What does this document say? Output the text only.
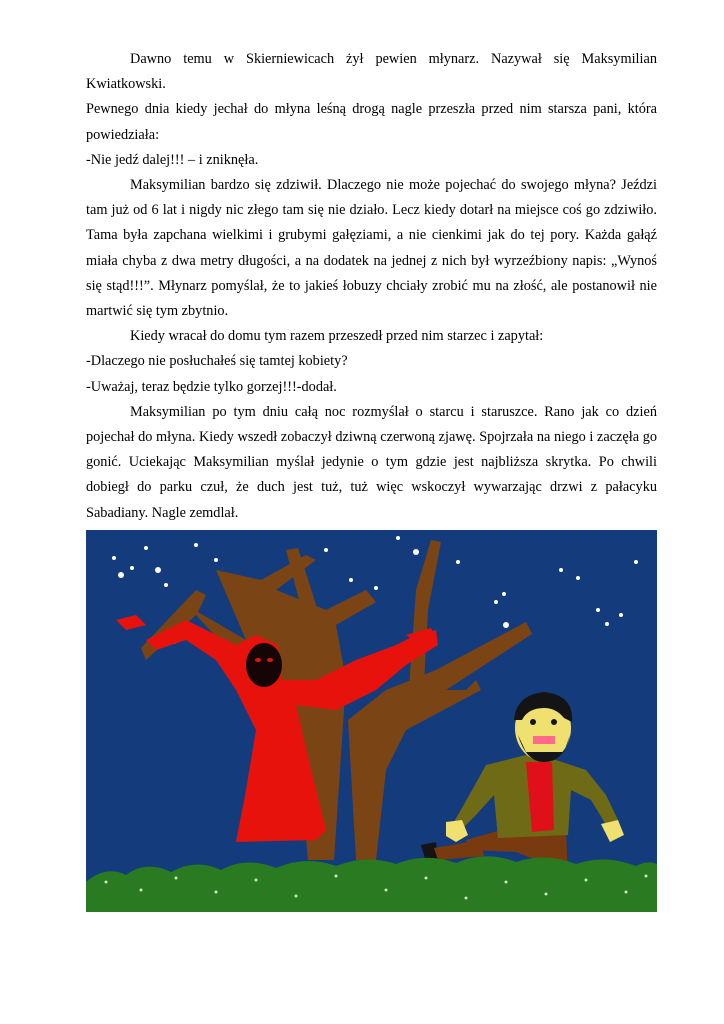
Dawno temu w Skierniewicach żył pewien młynarz. Nazywał się Maksymilian Kwiatkowski.

Pewnego dnia kiedy jechał do młyna leśną drogą nagle przeszła przed nim starsza pani, która powiedziała:

-Nie jedź dalej!!! – i zniknęła.

Maksymilian bardzo się zdziwił. Dlaczego nie może pojechać do swojego młyna? Jeździ tam już od 6 lat i nigdy nic złego tam się nie działo. Lecz kiedy dotarł na miejsce coś go zdziwiło. Tama była zapchana wielkimi i grubymi gałęziami, a nie cienkimi jak do tej pory. Każda gałąź miała chyba z dwa metry długości, a na dodatek na jednej z nich był wyrzeźbiony napis: „Wynoś się stąd!!!”. Młynarz pomyślał, że to jakieś łobuzy chciały zrobić mu na złość, ale postanowił nie martwić się tym zbytnio.

Kiedy wracał do domu tym razem przeszedł przed nim starzec i zapytał:

-Dlaczego nie posłuchałeś się tamtej kobiety?

-Uważaj, teraz będzie tylko gorzej!!!-dodał.

Maksymilian po tym dniu całą noc rozmyślał o starcu i staruszce. Rano jak co dzień pojechał do młyna. Kiedy wszedł zobaczył dziwną czerwoną zjawę. Spojrzała na niego i zaczęła go gonić. Uciekając Maksymilian myślał jedynie o tym gdzie jest najbliższa skrytka. Po chwili dobiegł do parku czuł, że duch jest tuż, tuż więc wskoczył wywarzając drzwi z pałacyku Sabadiany. Nagle zemdlał.
